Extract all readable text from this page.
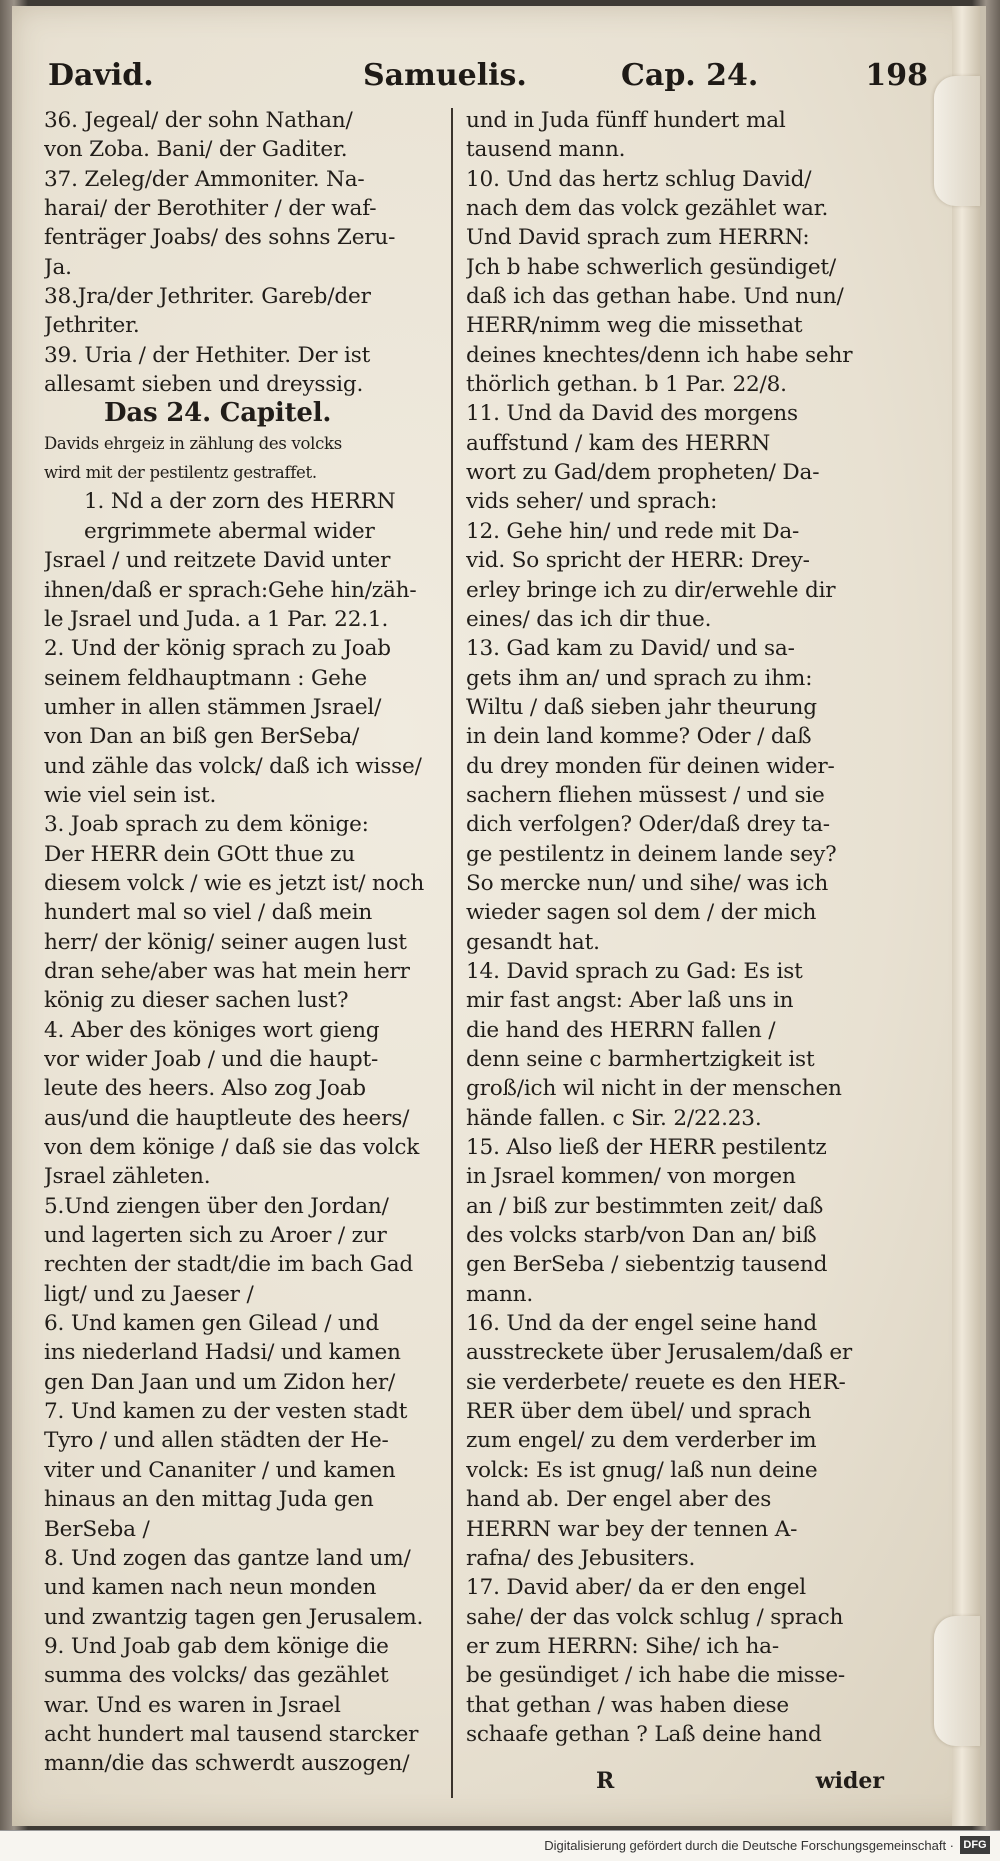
David.	Samuelis.	Cap. 24.	198
36. Jegeal/ der sohn Nathan/
von Zoba. Bani/ der Gaditer.
37. Zeleg/der Ammoniter. Na-
harai/ der Berothiter / der waf-
fenträger Joabs/ des sohns Zeru-
Ja.
38.Jra/der Jethriter. Gareb/der
Jethriter.
39. Uria / der Hethiter. Der ist
allesamt sieben und dreyssig.
Das 24. Capitel.
Davids ehrgeiz in zählung des volcks
wird mit der pestilentz gestraffet.
1. Nd a der zorn des HERRN
ergrimmete abermal wider
Jsrael / und reitzete David unter
ihnen/daß er sprach:Gehe hin/zäh-
le Jsrael und Juda. a 1 Par. 22.1.
2. Und der könig sprach zu Joab
seinem feldhauptmann : Gehe
umher in allen stämmen Jsrael/
von Dan an biß gen BerSeba/
und zähle das volck/ daß ich wisse/
wie viel sein ist.
3. Joab sprach zu dem könige:
Der HERR dein GOtt thue zu
diesem volck / wie es jetzt ist/ noch
hundert mal so viel / daß mein
herr/ der könig/ seiner augen lust
dran sehe/aber was hat mein herr
könig zu dieser sachen lust?
4. Aber des königes wort gieng
vor wider Joab / und die haupt-
leute des heers. Also zog Joab
aus/und die hauptleute des heers/
von dem könige / daß sie das volck
Jsrael zähleten.
5.Und ziengen über den Jordan/
und lagerten sich zu Aroer / zur
rechten der stadt/die im bach Gad
ligt/ und zu Jaeser /
6. Und kamen gen Gilead / und
ins niederland Hadsi/ und kamen
gen Dan Jaan und um Zidon her/
7. Und kamen zu der vesten stadt
Tyro / und allen städten der He-
viter und Cananiter / und kamen
hinaus an den mittag Juda gen
BerSeba /
8. Und zogen das gantze land um/
und kamen nach neun monden
und zwantzig tagen gen Jerusalem.
9. Und Joab gab dem könige die
summa des volcks/ das gezählet
war. Und es waren in Jsrael
acht hundert mal tausend starcker
mann/die das schwerdt auszogen/
und in Juda fünff hundert mal
tausend mann.
10. Und das hertz schlug David/
nach dem das volck gezählet war.
Und David sprach zum HERRN:
Jch b habe schwerlich gesündiget/
daß ich das gethan habe. Und nun/
HERR/nimm weg die missethat
deines knechtes/denn ich habe sehr
thörlich gethan. b 1 Par. 22/8.
11. Und da David des morgens
auffstund / kam des HERRN
wort zu Gad/dem propheten/ Da-
vids seher/ und sprach:
12. Gehe hin/ und rede mit Da-
vid. So spricht der HERR: Drey-
erley bringe ich zu dir/erwehle dir
eines/ das ich dir thue.
13. Gad kam zu David/ und sa-
gets ihm an/ und sprach zu ihm:
Wiltu / daß sieben jahr theurung
in dein land komme? Oder / daß
du drey monden für deinen wider-
sachern fliehen müssest / und sie
dich verfolgen? Oder/daß drey ta-
ge pestilentz in deinem lande sey?
So mercke nun/ und sihe/ was ich
wieder sagen sol dem / der mich
gesandt hat.
14. David sprach zu Gad: Es ist
mir fast angst: Aber laß uns in
die hand des HERRN fallen /
denn seine c barmhertzigkeit ist
groß/ich wil nicht in der menschen
hände fallen. c Sir. 2/22.23.
15. Also ließ der HERR pestilentz
in Jsrael kommen/ von morgen
an / biß zur bestimmten zeit/ daß
des volcks starb/von Dan an/ biß
gen BerSeba / siebentzig tausend
mann.
16. Und da der engel seine hand
ausstreckete über Jerusalem/daß er
sie verderbete/ reuete es den HER-
RER über dem übel/ und sprach
zum engel/ zu dem verderber im
volck: Es ist gnug/ laß nun deine
hand ab. Der engel aber des
HERRN war bey der tennen A-
rafna/ des Jebusiters.
17. David aber/ da er den engel
sahe/ der das volck schlug / sprach
er zum HERRN: Sihe/ ich ha-
be gesündiget / ich habe die misse-
that gethan / was haben diese
schaafe gethan ? Laß deine hand
R	wider
Digitalisierung gefördert durch die Deutsche Forschungsgemeinschaft · DFG
